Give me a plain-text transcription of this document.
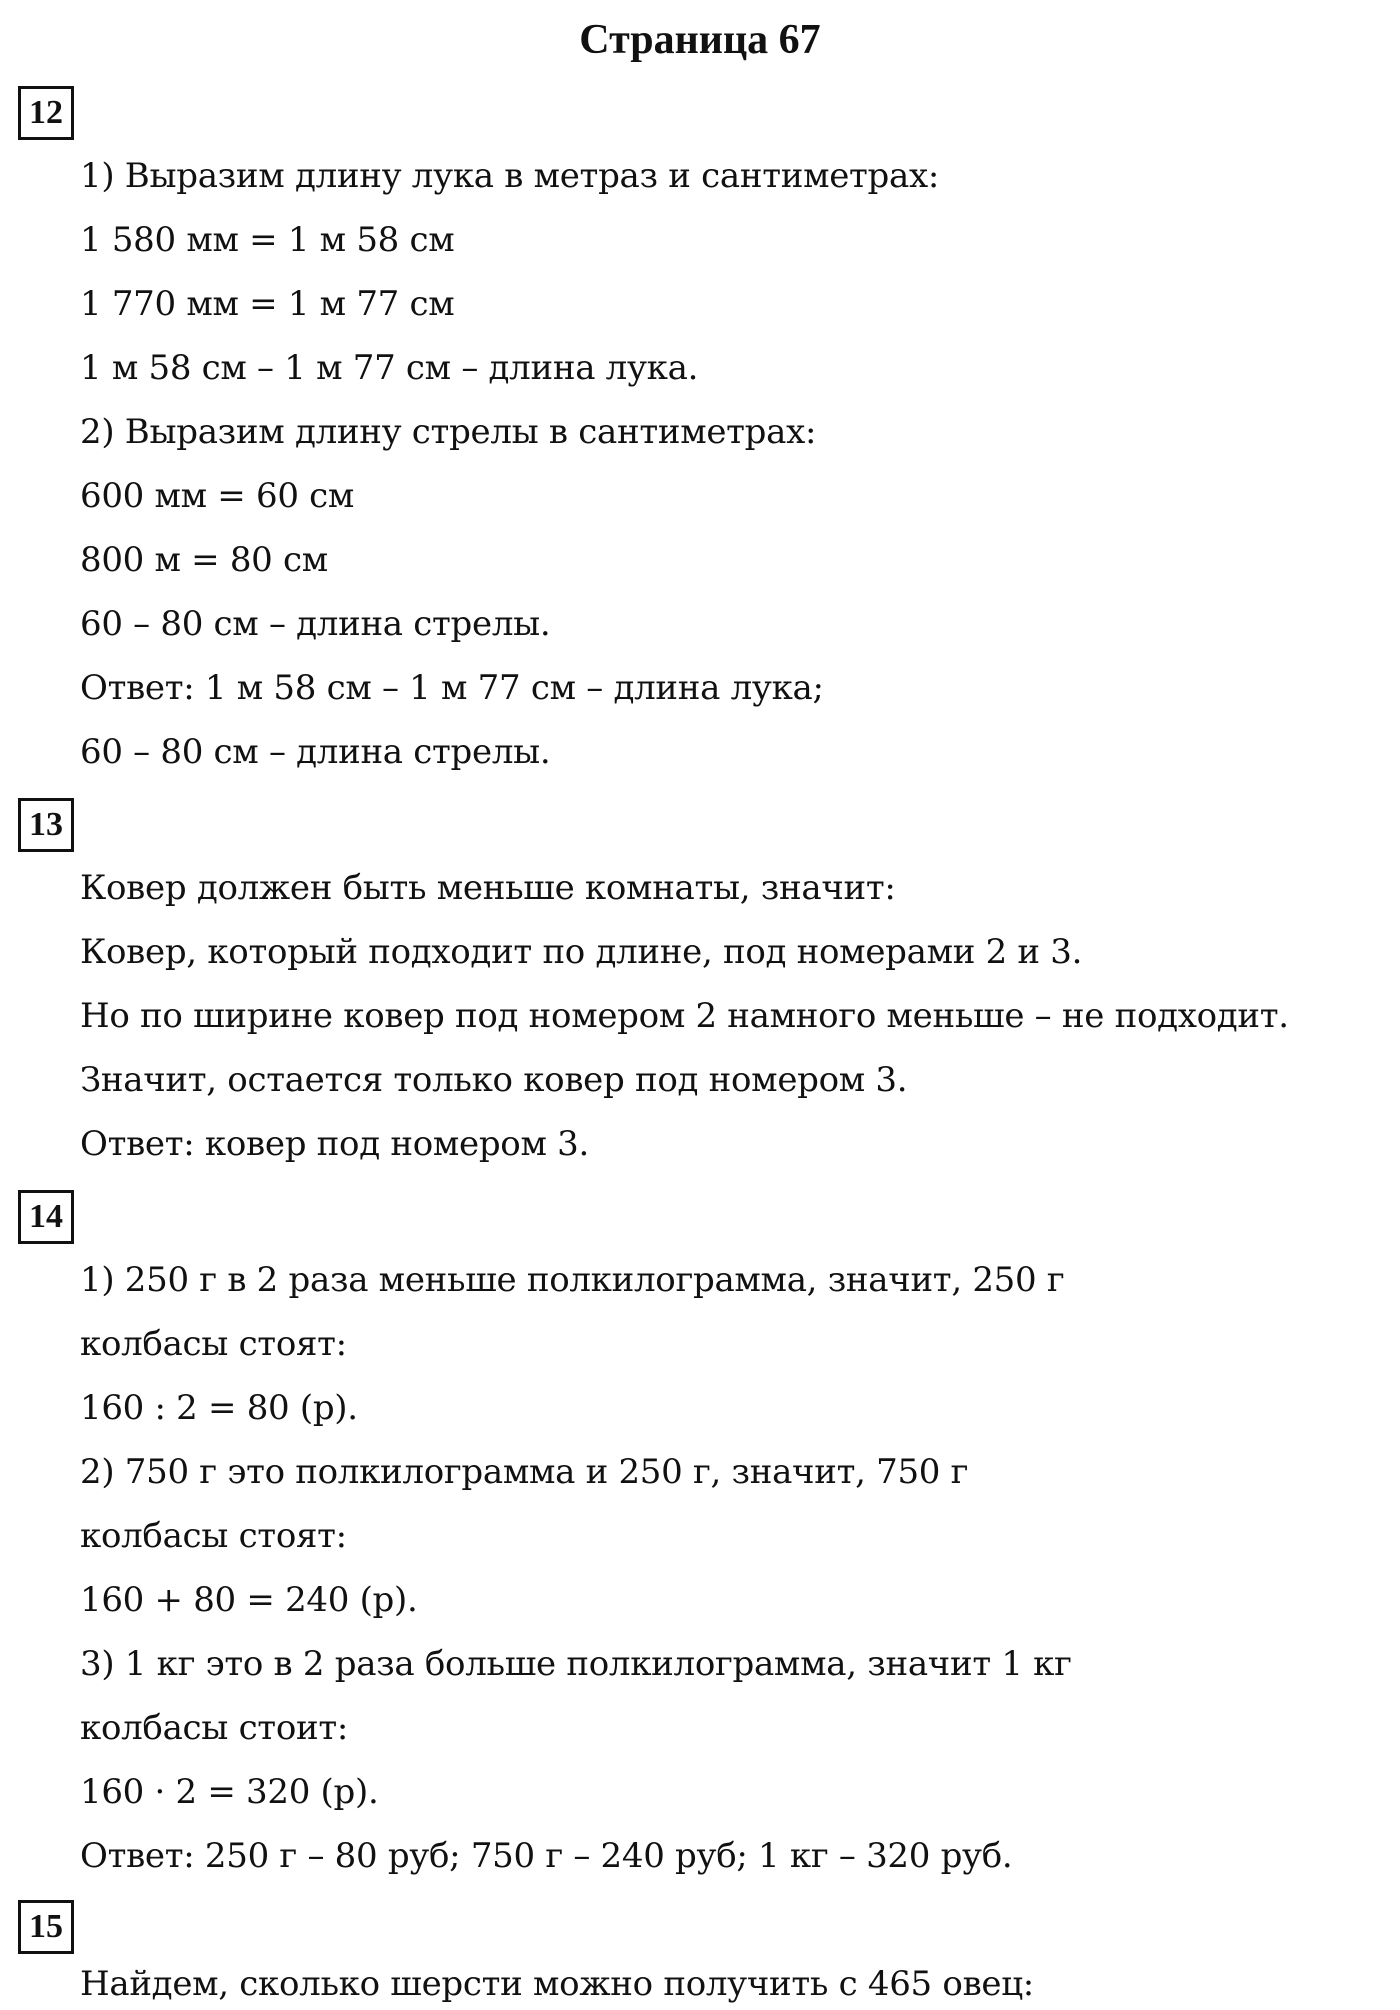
Страница 67
12
1) Выразим длину лука в метраз и сантиметрах:
1 580 мм = 1 м 58 см
1 770 мм = 1 м 77 см
1 м 58 см – 1 м 77 см – длина лука.
2) Выразим длину стрелы в сантиметрах:
600 мм = 60 см
800 м = 80 см
60 – 80 см – длина стрелы.
Ответ: 1 м 58 см – 1 м 77 см – длина лука;
60 – 80 см – длина стрелы.
13
Ковер должен быть меньше комнаты, значит:
Ковер, который подходит по длине, под номерами 2 и 3.
Но по ширине ковер под номером 2 намного меньше – не подходит.
Значит, остается только ковер под номером 3.
Ответ: ковер под номером 3.
14
1) 250 г в 2 раза меньше полкилограмма, значит, 250 г
колбасы стоят:
160 : 2 = 80 (р).
2) 750 г это полкилограмма и 250 г, значит, 750 г
колбасы стоят:
160 + 80 = 240 (р).
3) 1 кг это в 2 раза больше полкилограмма, значит 1 кг
колбасы стоит:
160 · 2 = 320 (р).
Ответ: 250 г – 80 руб; 750 г – 240 руб; 1 кг – 320 руб.
15
Найдем, сколько шерсти можно получить с 465 овец:
